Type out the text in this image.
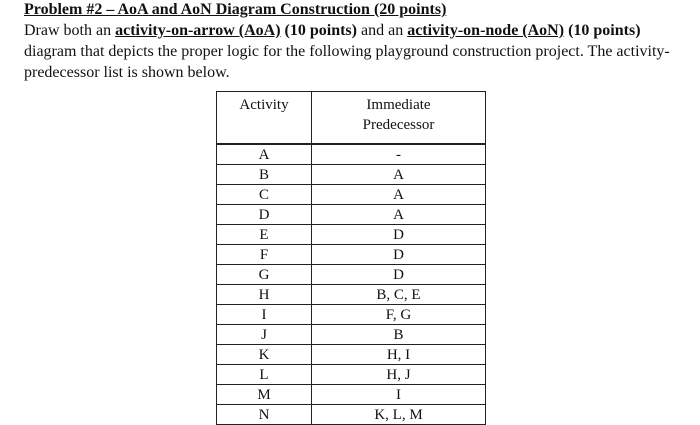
Problem #2 – AoA and AoN Diagram Construction (20 points)

Draw both an activity-on-arrow (AoA) (10 points) and an activity-on-node (AoN) (10 points) diagram that depicts the proper logic for the following playground construction project. The activity-predecessor list is shown below.

Activity	Immediate
Predecessor
A	-
B	A
C	A
D	A
E	D
F	D
G	D
H	B, C, E
I	F, G
J	B
K	H, I
L	H, J
M	I
N	K, L, M
